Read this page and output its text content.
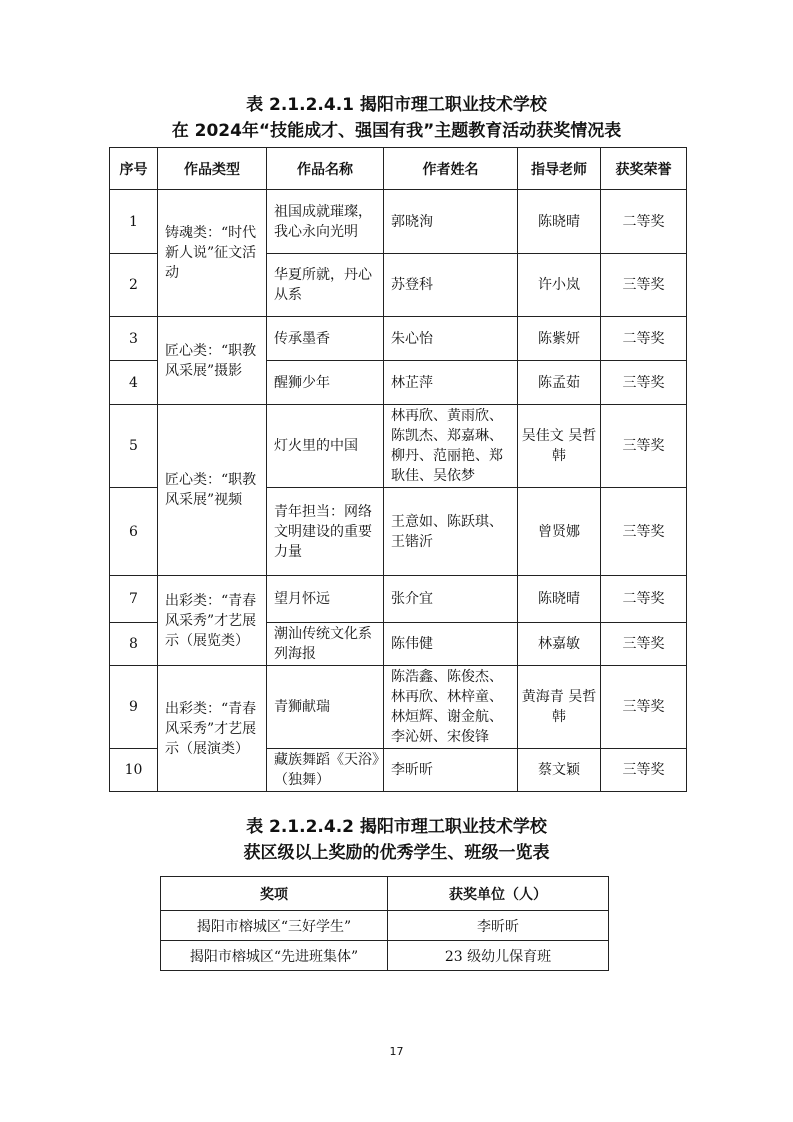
表 2.1.2.4.1 揭阳市理工职业技术学校
在 2024年“技能成才、强国有我”主题教育活动获奖情况表
序号	作品类型	作品名称	作者姓名	指导老师	获奖荣誉
1	铸魂类：“时代新人说”征文活动	祖国成就璀璨，我心永向光明	郭晓洵	陈晓晴	二等奖
2		华夏所就，丹心从系	苏登科	许小岚	三等奖
3	匠心类：“职教风采展”摄影	传承墨香	朱心怡	陈紫妍	二等奖
4		醒狮少年	林芷萍	陈孟茹	三等奖
5	匠心类：“职教风采展”视频	灯火里的中国	林再欣、黄雨欣、陈凯杰、郑嘉琳、柳丹、范丽艳、郑耿佳、吴依梦	吴佳文 吴哲韩	三等奖
6		青年担当：网络文明建设的重要力量	王意如、陈跃琪、王锴沂	曾贤娜	三等奖
7	出彩类：“青春风采秀”才艺展示（展览类）	望月怀远	张介宜	陈晓晴	二等奖
8		潮汕传统文化系列海报	陈伟健	林嘉敏	三等奖
9	出彩类：“青春风采秀”才艺展示（展演类）	青狮献瑞	陈浩鑫、陈俊杰、林再欣、林梓童、林烜辉、谢金航、李沁妍、宋俊锋	黄海青 吴哲韩	三等奖
10		藏族舞蹈《天浴》（独舞）	李昕昕	蔡文颖	三等奖
表 2.1.2.4.2 揭阳市理工职业技术学校
获区级以上奖励的优秀学生、班级一览表
奖项	获奖单位（人）
揭阳市榕城区“三好学生”	李昕昕
揭阳市榕城区“先进班集体”	23 级幼儿保育班
17
